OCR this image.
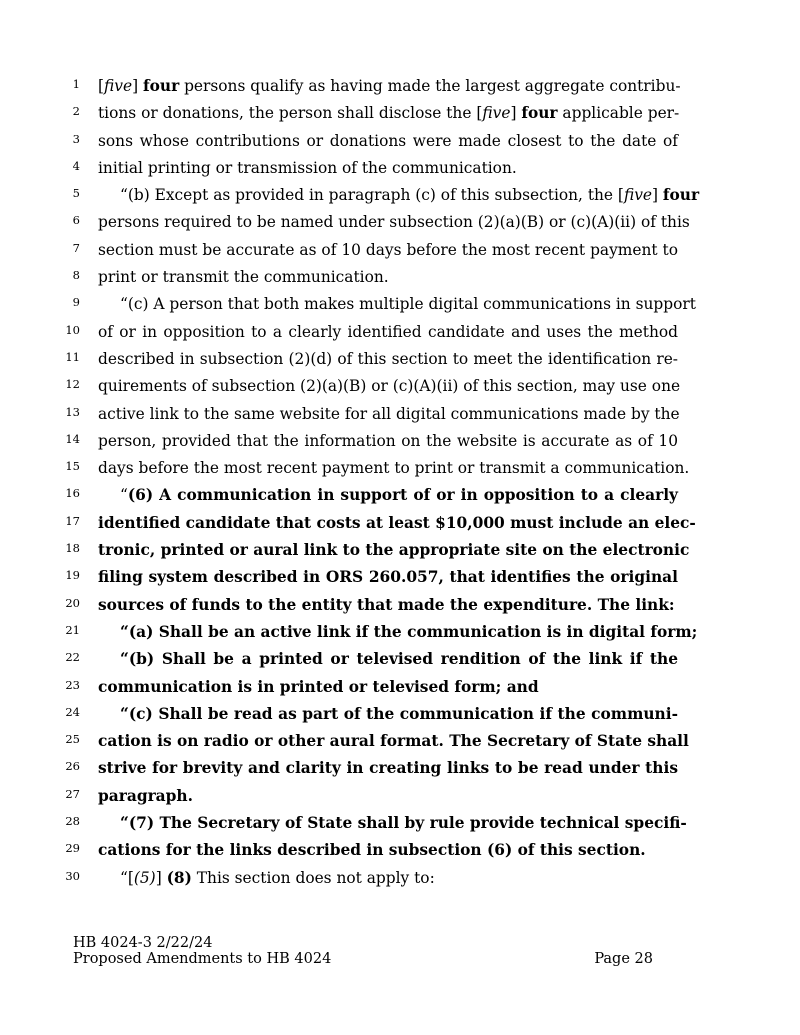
1 [five] four persons qualify as having made the largest aggregate contribu-
2 tions or donations, the person shall disclose the [five] four applicable per-
3 sons whose contributions or donations were made closest to the date of
4 initial printing or transmission of the communication.
5	“(b) Except as provided in paragraph (c) of this subsection, the [five] four
6 persons required to be named under subsection (2)(a)(B) or (c)(A)(ii) of this
7 section must be accurate as of 10 days before the most recent payment to
8 print or transmit the communication.
9	“(c) A person that both makes multiple digital communications in support
10 of or in opposition to a clearly identified candidate and uses the method
11 described in subsection (2)(d) of this section to meet the identification re-
12 quirements of subsection (2)(a)(B) or (c)(A)(ii) of this section, may use one
13 active link to the same website for all digital communications made by the
14 person, provided that the information on the website is accurate as of 10
15 days before the most recent payment to print or transmit a communication.
16	“(6) A communication in support of or in opposition to a clearly
17 identified candidate that costs at least $10,000 must include an elec-
18 tronic, printed or aural link to the appropriate site on the electronic
19 filing system described in ORS 260.057, that identifies the original
20 sources of funds to the entity that made the expenditure. The link:
21	“(a) Shall be an active link if the communication is in digital form;
22	“(b) Shall be a printed or televised rendition of the link if the
23 communication is in printed or televised form; and
24	“(c) Shall be read as part of the communication if the communi-
25 cation is on radio or other aural format. The Secretary of State shall
26 strive for brevity and clarity in creating links to be read under this
27 paragraph.
28	“(7) The Secretary of State shall by rule provide technical specifi-
29 cations for the links described in subsection (6) of this section.
30	“[(5)] (8) This section does not apply to:
HB 4024-3 2/22/24
Proposed Amendments to HB 4024	Page 28
